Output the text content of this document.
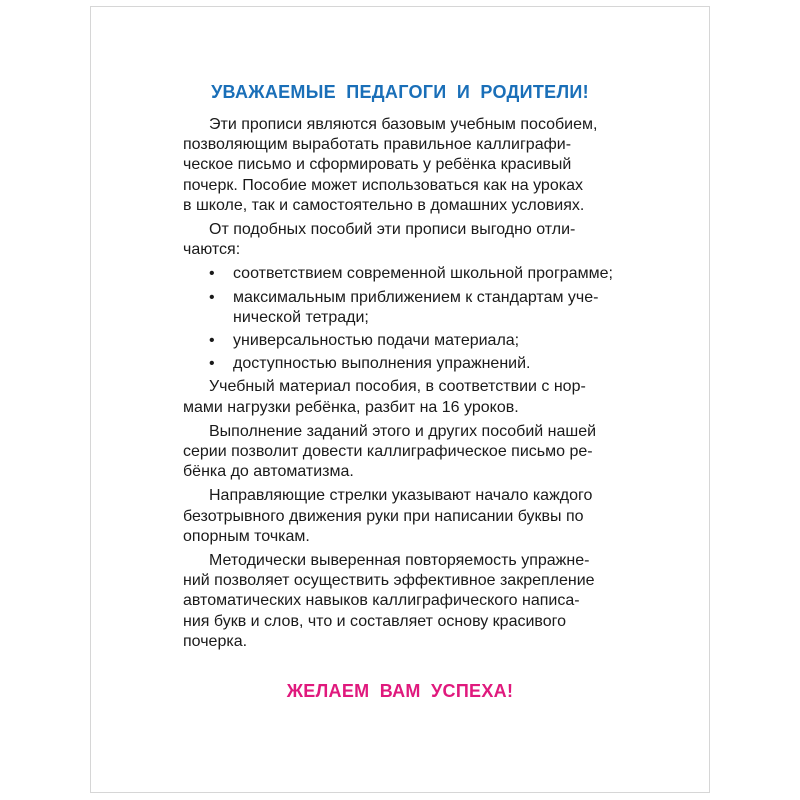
УВАЖАЕМЫЕ ПЕДАГОГИ И РОДИТЕЛИ!

Эти прописи являются базовым учебным пособием,
позволяющим выработать правильное каллиграфи-
ческое письмо и сформировать у ребёнка красивый
почерк. Пособие может использоваться как на уроках
в школе, так и самостоятельно в домашних условиях.

От подобных пособий эти прописи выгодно отли-
чаются:

• соответствием современной школьной программе;
• максимальным приближением к стандартам уче-
нической тетради;
• универсальностью подачи материала;
• доступностью выполнения упражнений.

Учебный материал пособия, в соответствии с нор-
мами нагрузки ребёнка, разбит на 16 уроков.

Выполнение заданий этого и других пособий нашей
серии позволит довести каллиграфическое письмо ре-
бёнка до автоматизма.

Направляющие стрелки указывают начало каждого
безотрывного движения руки при написании буквы по
опорным точкам.

Методически выверенная повторяемость упражне-
ний позволяет осуществить эффективное закрепление
автоматических навыков каллиграфического написа-
ния букв и слов, что и составляет основу красивого
почерка.

ЖЕЛАЕМ ВАМ УСПЕХА!
